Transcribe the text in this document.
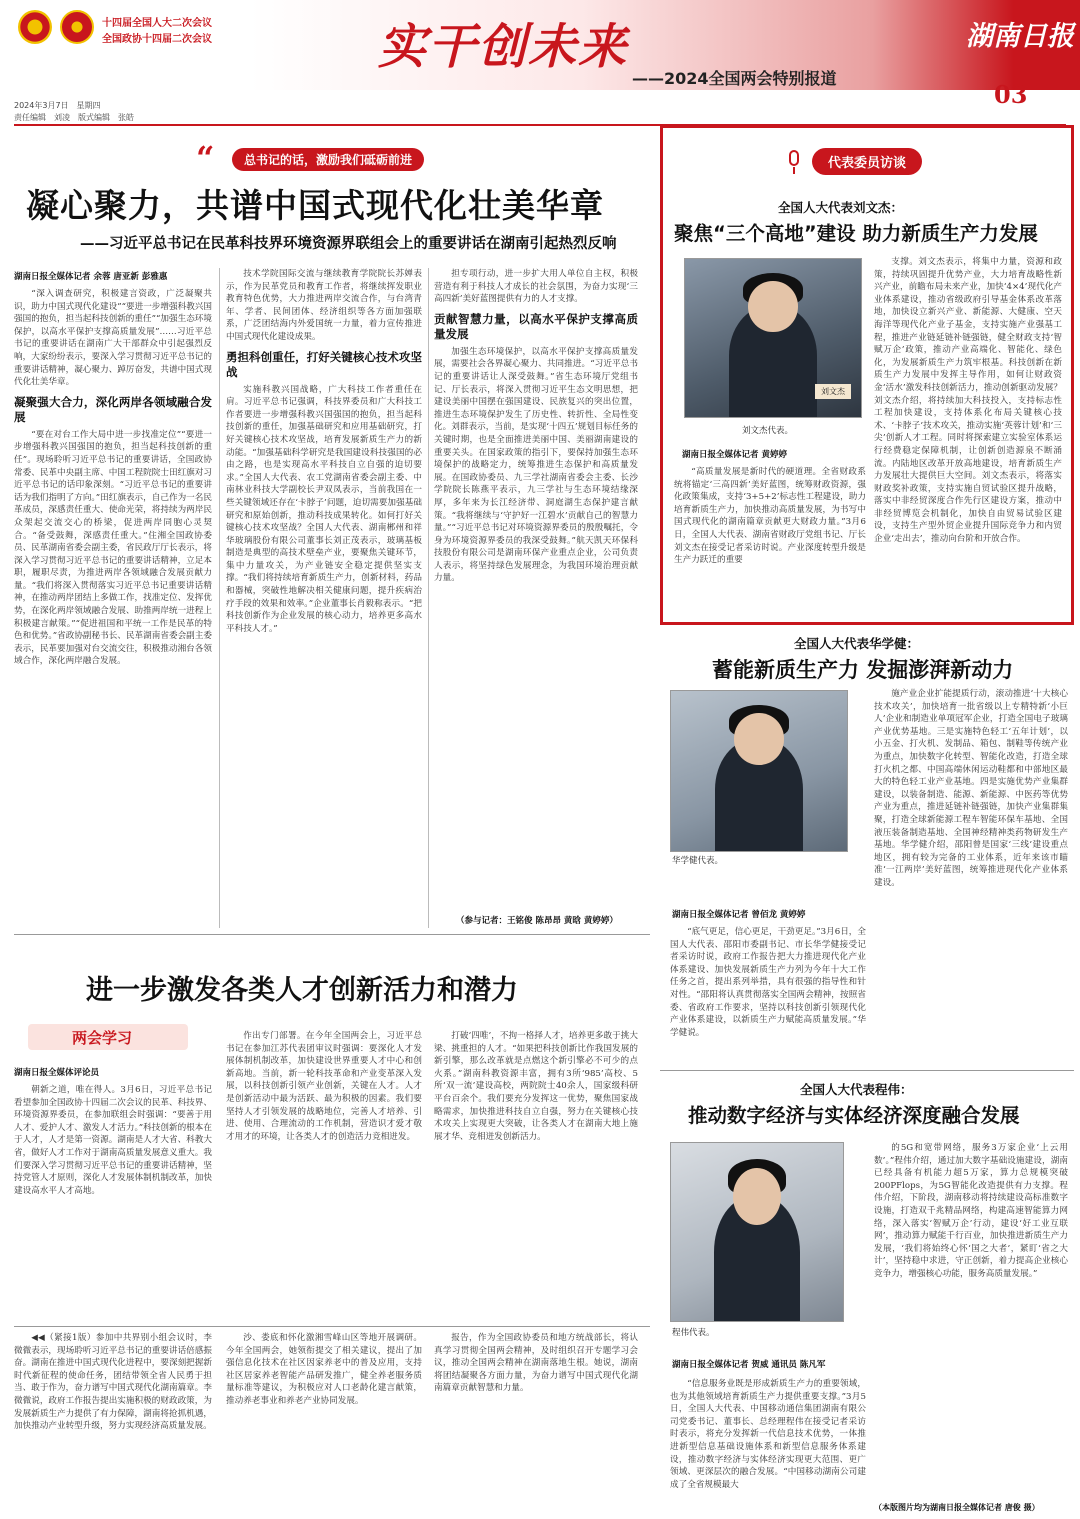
十四届全国人大二次会议
全国政协十四届二次会议	实干创未来
——2024全国两会特别报道
湖南日报
03
2024年3月7日　星期四
责任编辑　刘凌　版式编辑　张皓
“	总书记的话，激励我们砥砺前进
凝心聚力，共谱中国式现代化壮美华章
——习近平总书记在民革科技界环境资源界联组会上的重要讲话在湖南引起热烈反响
湖南日报全媒体记者 余蓉 唐亚新 彭雅惠

“深入调查研究，积极建言资政，广泛凝聚共识，助力中国式现代化建设”“要进一步增强科教兴国强国的抱负，担当起科技创新的重任”“加强生态环境保护，以高水平保护支撑高质量发展”……习近平总书记的重要讲话在湖南广大干部群众中引起强烈反响，大家纷纷表示，要深入学习贯彻习近平总书记的重要讲话精神，凝心聚力、踔厉奋发，共谱中国式现代化壮美华章。

凝聚强大合力，深化两岸各领域融合发展

“要在对台工作大局中进一步找准定位”“要进一步增强科教兴国强国的抱负，担当起科技创新的重任”。现场聆听习近平总书记的重要讲话，全国政协常委、民革中央副主席、中国工程院院士田红旗对习近平总书记的话印象深刻。“习近平总书记的重要讲话为我们指明了方向。”田红旗表示，自己作为一名民革成员，深感责任重大、使命光荣，将持续为两岸民众架起交流交心的桥梁，促进两岸同胞心灵契合。“备受鼓舞，深感责任重大。”住湘全国政协委员、民革湖南省委会副主委，省民政厅厅长表示，将深入学习贯彻习近平总书记的重要讲话精神，立足本职，履职尽责，为推进两岸各领域融合发展贡献力量。“我们将深入贯彻落实习近平总书记重要讲话精神，在推动两岸团结上多做工作，找准定位、发挥优势，在深化两岸领域融合发展、助推两岸统一进程上积极建言献策。”“促进祖国和平统一工作是民革的特色和优势。”省政协副秘书长、民革湖南省委会副主委表示，民革要加强对台交流交往，积极推动湘台各领域合作，深化两岸融合发展。

技术学院国际交流与继续教育学院院长苏婵表示，作为民革党员和教育工作者，将继续挥发职业教育特色优势，大力推进两岸交流合作，与台湾青年、学者、民间团体、经济组织等各方面加强联系，广泛团结海内外爱国统一力量，着力宣传推进中国式现代化建设成果。

勇担科创重任，打好关键核心技术攻坚战

实施科教兴国战略，广大科技工作者重任在肩。习近平总书记强调，科技界委员和广大科技工作者要进一步增强科教兴国强国的抱负，担当起科技创新的重任，加强基础研究和应用基础研究，打好关键核心技术攻坚战，培育发展新质生产力的新动能。“加强基础科学研究是我国建设科技强国的必由之路，也是实现高水平科技自立自强的迫切要求。”全国人大代表、农工党湖南省委会副主委、中南林业科技大学副校长尹双凤表示，当前我国在一些关键领域还存在‘卡脖子’问题，迫切需要加强基础研究和原始创新，推动科技成果转化。如何打好关键核心技术攻坚战？全国人大代表、湖南郴州和祥华玻璃股份有限公司董事长刘正茂表示，玻璃基板制造是典型的高技术壁垒产业，要聚焦关键环节，集中力量攻关，为产业链安全稳定提供坚实支撑。“我们将持续培育新质生产力，创新材料，药品和器械，突破性地解决相关健康问题，提升疾病治疗手段的效果和效率。”企业董事长肖毅称表示。“把科技创新作为企业发展的核心动力，培养更多高水平科技人才。”

担专项行动，进一步扩大用人单位自主权，积极营造有利于科技人才成长的社会氛围，为奋力实现‘三高四新’美好蓝图提供有力的人才支撑。

贡献智慧力量，以高水平保护支撑高质量发展

加强生态环境保护，以高水平保护支撑高质量发展，需要社会各界凝心聚力、共同推进。“习近平总书记的重要讲话让人深受鼓舞。”省生态环境厅党组书记、厅长表示，将深入贯彻习近平生态文明思想，把建设美丽中国摆在强国建设、民族复兴的突出位置，推进生态环境保护发生了历史性、转折性、全局性变化。刘群表示，当前，是实现‘十四五’规划目标任务的关键时期，也是全面推进美丽中国、美丽湖南建设的重要关头。在国家政策的指引下，要保持加强生态环境保护的战略定力，统筹推进生态保护和高质量发展。在国政协委员、九三学社湖南省委会主委、长沙学院院长陈燕平表示，九三学社与生态环境结缘深厚，多年来为长江经济带、洞庭湖生态保护建言献策。“我将继续与‘守护好一江碧水’贡献自己的智慧力量。”“习近平总书记对环境资源界委员的殷殷嘱托，令身为环境资源界委员的我深受鼓舞。”航天凯天环保科技股份有限公司是湖南环保产业重点企业，公司负责人表示，将坚持绿色发展理念，为我国环境治理贡献力量。

（参与记者：王铭俊 陈昂昂 黄晗 黄婷婷）
进一步激发各类人才创新活力和潜力
两会学习
湖南日报全媒体评论员

朝新之道，唯在得人。3月6日，习近平总书记看望参加全国政协十四届二次会议的民革、科技界、环境资源界委员，在参加联组会时强调：“要善于用人才、爱护人才、激发人才活力。”科技创新的根本在于人才，人才是第一资源。湖南是人才大省、科教大省，做好人才工作对于湖南高质量发展意义重大。我们要深入学习贯彻习近平总书记的重要讲话精神，坚持党管人才原则，深化人才发展体制机制改革，加快建设高水平人才高地。

作出专门部署。在今年全国两会上，习近平总书记在参加江苏代表团审议时强调：要深化人才发展体制机制改革，加快建设世界重要人才中心和创新高地。当前，新一轮科技革命和产业变革深入发展，以科技创新引领产业创新，关键在人才。人才是创新活动中最为活跃、最为积极的因素。我们要坚持人才引领发展的战略地位，完善人才培养、引进、使用、合理流动的工作机制，营造识才爱才敬才用才的环境，让各类人才的创造活力竞相迸发。

打破‘四唯’，不拘一格择人才，培养更多敢于挑大梁、挑重担的人才。“如果把科技创新比作我国发展的新引擎，那么改革就是点燃这个新引擎必不可少的点火系。”湖南科教资源丰富，拥有3所‘985’高校、5所‘双一流’建设高校，两院院士40余人，国家级科研平台百余个。我们要充分发挥这一优势，聚焦国家战略需求，加快推进科技自立自强，努力在关键核心技术攻关上实现更大突破，让各类人才在湖南大地上施展才华、竞相迸发创新活力。

◀◀（紧接1版）参加中共界别小组会议时，李微微表示，现场聆听习近平总书记的重要讲话倍感振奋。湖南在推进中国式现代化进程中，要深刻把握新时代新征程的使命任务，团结带领全省人民勇于担当、敢于作为，奋力谱写中国式现代化湖南篇章。李微微说，政府工作报告提出实施积极的财政政策，为发展新质生产力提供了有力保障，湖南将抢抓机遇，加快推动产业转型升级，努力实现经济高质量发展。

沙、娄底和怀化激湘雪峰山区等地开展调研。今年全国两会，她领衔提交了相关建议，提出了加强信息化技术在社区因家养老中的普及应用，支持社区居家养老智能产品研发推广，健全养老服务质量标准等建议，为积极应对人口老龄化建言献策，推动养老事业和养老产业协同发展。

报告，作为全国政协委员和地方统战部长，将认真学习贯彻全国两会精神，及时组织召开专题学习会议，推动全国两会精神在湖南落地生根。她说，湖南将团结凝聚各方面力量，为奋力谱写中国式现代化湖南篇章贡献智慧和力量。

代表委员访谈
全国人大代表刘文杰：
聚焦“三个高地”建设 助力新质生产力发展
刘文杰
刘文杰代表。
湖南日报全媒体记者 黄婷婷

“高质量发展是新时代的硬道理。全省财政系统将锚定‘三高四新’美好蓝图，统筹财政资源，强化政策集成，支持‘3+5+2’标志性工程建设，助力培育新质生产力，加快推动高质量发展，为书写中国式现代化的湖南篇章贡献更大财政力量。”3月6日，全国人大代表、湖南省财政厅党组书记、厅长刘文杰在接受记者采访时说。产业深度转型升级是生产力跃迁的重要

支撑。刘文杰表示，将集中力量，资源和政策，持续巩固提升优势产业，大力培育战略性新兴产业，前瞻布局未来产业，加快‘4×4’现代化产业体系建设，推动省级政府引导基金体系改革落地，加快设立新兴产业、新能源、大健康、空天海洋等现代化产业子基金，支持实施产业强基工程，推进产业链延链补链强链，健全财政支持‘智赋万企’政策，推动产业高端化、智能化、绿色化，为发展新质生产力筑牢根基。科技创新在新质生产力发展中发挥主导作用，如何让财政资金‘活水’激发科技创新活力，推动创新驱动发展？刘文杰介绍，将持续加大科技投入，支持标志性工程加快建设，支持体系化布局关键核心技术、‘卡脖子’技术攻关，推动实施‘英蓉计划’和‘三尖’创新人才工程。同时将探索建立实验室体系运行经费稳定保障机制，让创新创造源泉不断涌流。内陆地区改革开放高地建设，培育新质生产力发展壮大提供巨大空间。刘文杰表示，将落实财政奖补政策，支持实施自贸试验区提升战略，落实中非经贸深度合作先行区建设方案，推动中非经贸博览会机制化，加快自由贸易试验区建设，支持生产型外贸企业提升国际竞争力和内贸企业‘走出去’，推动向台阶和开放合作。

全国人大代表华学健：
蓄能新质生产力 发掘澎湃新动力
华学健代表。
湖南日报全媒体记者 曾佰龙 黄婷婷

“底气更足，信心更足，干劲更足。”3月6日，全国人大代表、邵阳市委副书记、市长华学健接受记者采访时说，政府工作报告把大力推进现代化产业体系建设、加快发展新质生产力列为今年十大工作任务之首，提出系列举措，具有很强的指导性和针对性。“邵阳将认真贯彻落实全国两会精神，按照省委、省政府工作要求，坚持以科技创新引领现代化产业体系建设，以新质生产力赋能高质量发展。”华学健说。

施产业企业扩能提质行动，滚动推进‘十大核心技术攻关’，加快培育一批省级以上专精特新‘小巨人’企业和制造业单项冠军企业，打造全国电子玻璃产业优势基地。三是实施特色轻工‘五年计划’，以小五金、打火机、发制品、箱包、制鞋等传统产业为重点，加快数字化转型、智能化改造，打造全球打火机之都、中国高端休闲运动鞋都和中部地区最大的特色轻工业产业基地。四是实施优势产业集群建设，以装备制造、能源、新能源、中医药等优势产业为重点，推进延链补链强链，加快产业集群集聚，打造全球新能源工程车智能环保车基地、全国液压装备制造基地、全国神经精神类药物研发生产基地。华学健介绍，邵阳曾是国家‘三线’建设重点地区，拥有较为完备的工业体系，近年来该市瞄准‘一江两岸’美好蓝图，统筹推进现代化产业体系建设。

全国人大代表程伟：
推动数字经济与实体经济深度融合发展
程伟代表。
湖南日报全媒体记者 贺威 通讯员 陈凡军

“信息服务业既是形成新质生产力的重要领域，也为其他领域培育新质生产力提供重要支撑。”3月5日，全国人大代表、中国移动通信集团湖南有限公司党委书记、董事长、总经理程伟在接受记者采访时表示，将充分发挥新一代信息技术优势，一体推进新型信息基础设施体系和新型信息服务体系建设，推动数字经济与实体经济实现更大范围、更广领域、更深层次的融合发展。“中国移动湖南公司建成了全省规模最大

的5G和宽带网络，服务3万家企业‘上云用数’。”程伟介绍，通过加大数字基础设施建设，湖南已经具备有机能力超5万家，算力总规模突破200PFlops，为5G智能化改造提供有力支撑。程伟介绍，下阶段，湖南移动将持续建设高标准数字设施，打造双千兆精品网络，构建高速智能算力网络，深入落实‘智赋万企’行动，建设‘好工业互联网’，推动算力赋能千行百业，加快推进新质生产力发展，‘我们将始终心怀‘国之大者’，紧盯‘省之大计’，坚持稳中求进，守正创新，着力提高企业核心竞争力，增强核心功能，服务高质量发展。”

（本版图片均为湖南日报全媒体记者 唐俊 摄）
